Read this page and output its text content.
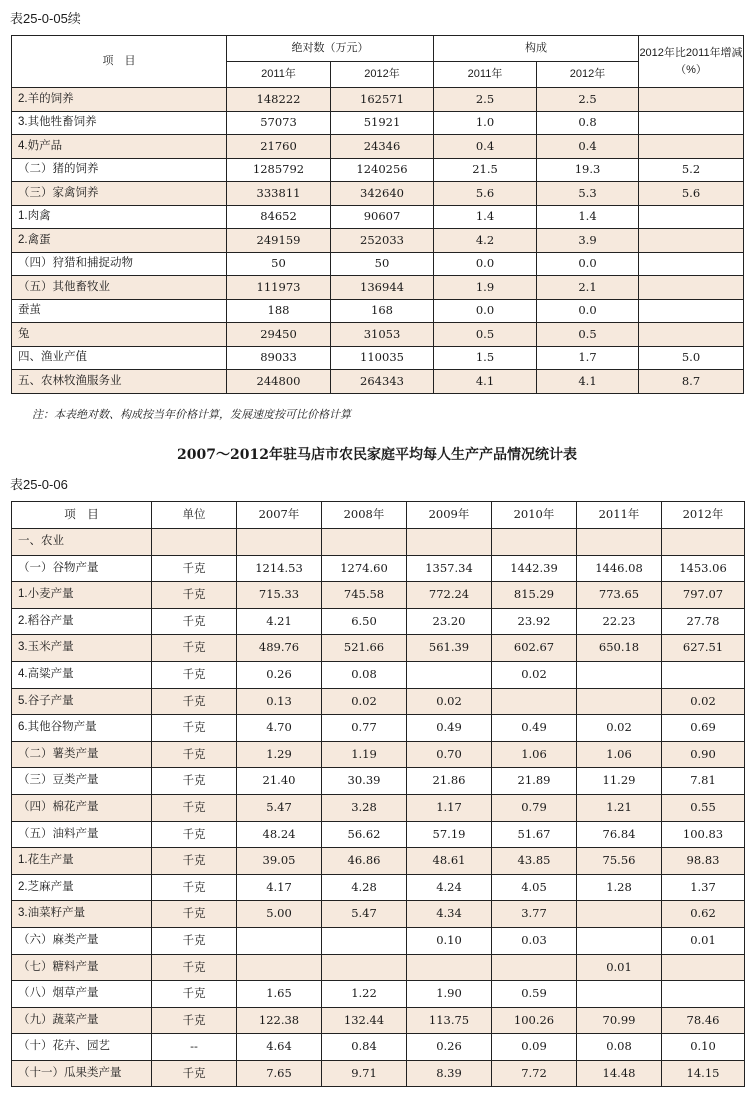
表25-0-05续
项　目	绝对数（万元）		构成		2012年比2011年增减（%）
	2011年	2012年	2011年	2012年	
2.羊的饲养	148222	162571	2.5	2.5	
3.其他牲畜饲养	57073	51921	1.0	0.8	
4.奶产品	21760	24346	0.4	0.4	
（二）猪的饲养	1285792	1240256	21.5	19.3	5.2
（三）家禽饲养	333811	342640	5.6	5.3	5.6
1.肉禽	84652	90607	1.4	1.4	
2.禽蛋	249159	252033	4.2	3.9	
（四）狩猎和捕捉动物	50	50	0.0	0.0	
（五）其他畜牧业	111973	136944	1.9	2.1	
蚕茧	188	168	0.0	0.0	
兔	29450	31053	0.5	0.5	
四、渔业产值	89033	110035	1.5	1.7	5.0
五、农林牧渔服务业	244800	264343	4.1	4.1	8.7
注：本表绝对数、构成按当年价格计算，发展速度按可比价格计算
2007～2012年驻马店市农民家庭平均每人生产产品情况统计表
表25-0-06
项　目	单位	2007年	2008年	2009年	2010年	2011年	2012年
一、农业							
（一）谷物产量	千克	1214.53	1274.60	1357.34	1442.39	1446.08	1453.06
1.小麦产量	千克	715.33	745.58	772.24	815.29	773.65	797.07
2.稻谷产量	千克	4.21	6.50	23.20	23.92	22.23	27.78
3.玉米产量	千克	489.76	521.66	561.39	602.67	650.18	627.51
4.高粱产量	千克	0.26	0.08		0.02		
5.谷子产量	千克	0.13	0.02	0.02			0.02
6.其他谷物产量	千克	4.70	0.77	0.49	0.49	0.02	0.69
（二）薯类产量	千克	1.29	1.19	0.70	1.06	1.06	0.90
（三）豆类产量	千克	21.40	30.39	21.86	21.89	11.29	7.81
（四）棉花产量	千克	5.47	3.28	1.17	0.79	1.21	0.55
（五）油料产量	千克	48.24	56.62	57.19	51.67	76.84	100.83
1.花生产量	千克	39.05	46.86	48.61	43.85	75.56	98.83
2.芝麻产量	千克	4.17	4.28	4.24	4.05	1.28	1.37
3.油菜籽产量	千克	5.00	5.47	4.34	3.77		0.62
（六）麻类产量	千克			0.10	0.03		0.01
（七）糖料产量	千克					0.01	
（八）烟草产量	千克	1.65	1.22	1.90	0.59		
（九）蔬菜产量	千克	122.38	132.44	113.75	100.26	70.99	78.46
（十）花卉、园艺	--	4.64	0.84	0.26	0.09	0.08	0.10
（十一）瓜果类产量	千克	7.65	9.71	8.39	7.72	14.48	14.15
